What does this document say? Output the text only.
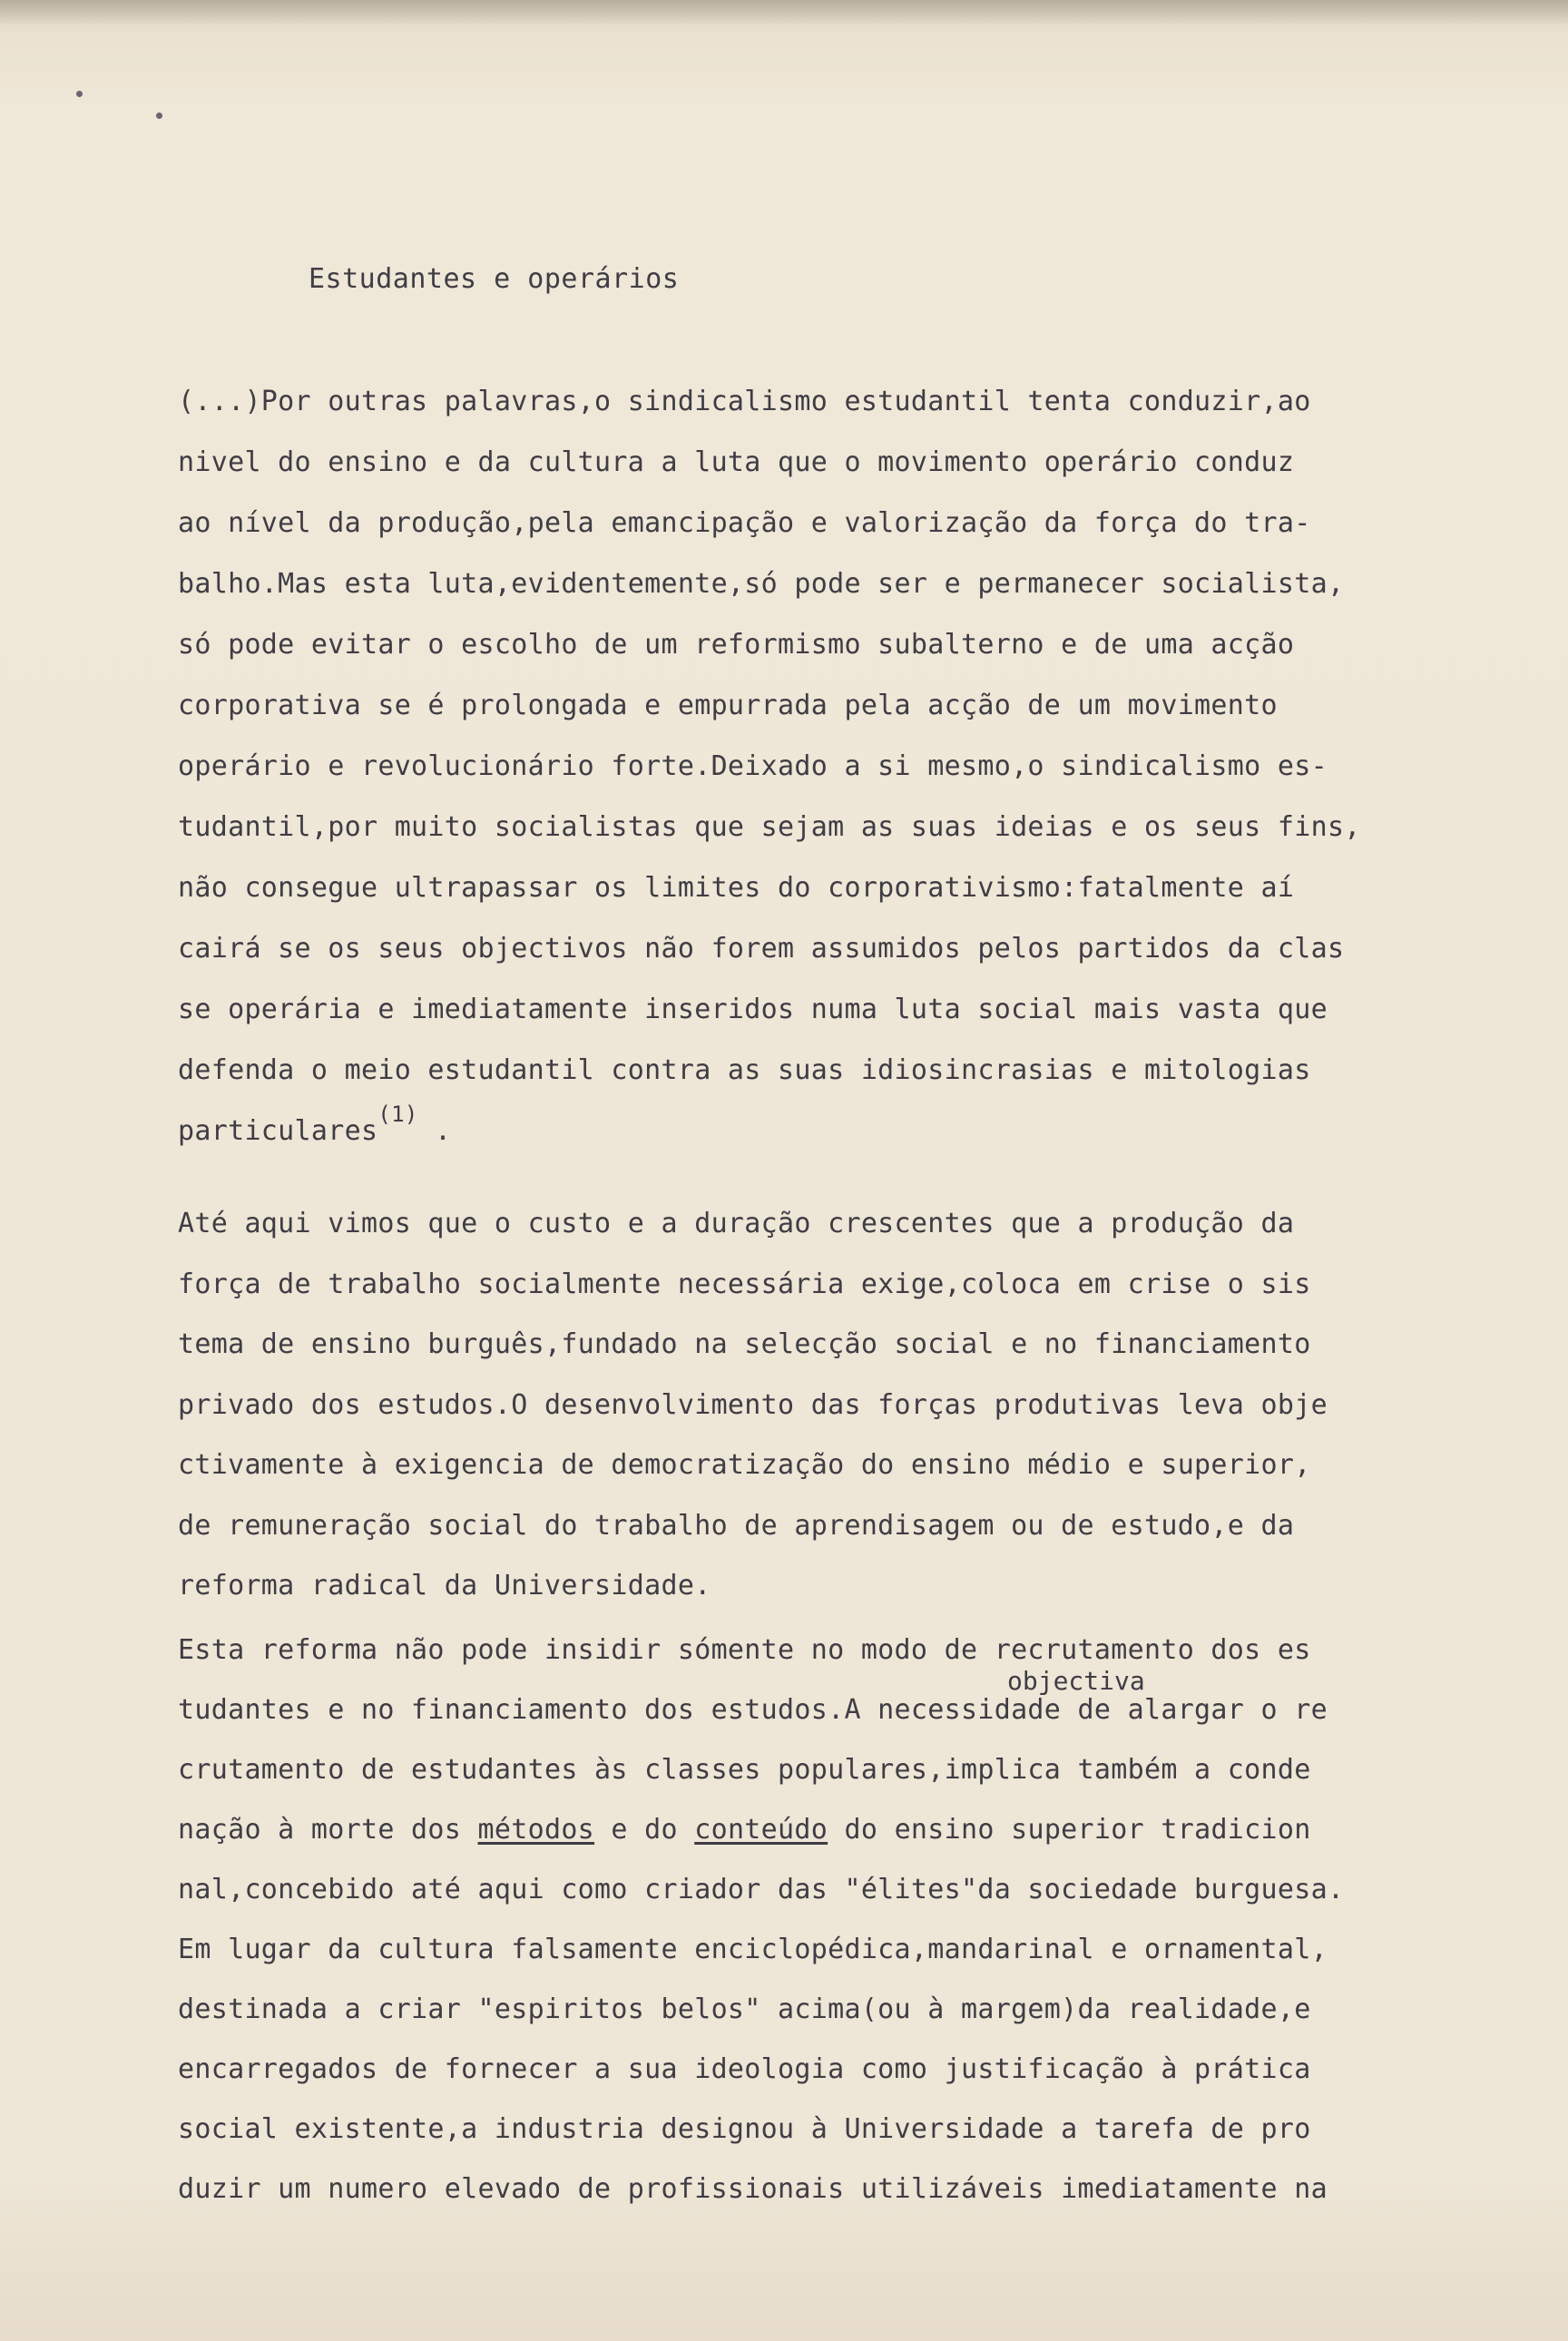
Estudantes e operários
(...)Por outras palavras,o sindicalismo estudantil tenta conduzir,ao
nivel do ensino e da cultura a luta que o movimento operário conduz
ao nível da produção,pela emancipação e valorização da força do tra-
balho.Mas esta luta,evidentemente,só pode ser e permanecer socialista,
só pode evitar o escolho de um reformismo subalterno e de uma acção
corporativa se é prolongada e empurrada pela acção de um movimento
operário e revolucionário forte.Deixado a si mesmo,o sindicalismo es-
tudantil,por muito socialistas que sejam as suas ideias e os seus fins,
não consegue ultrapassar os limites do corporativismo:fatalmente aí
cairá se os seus objectivos não forem assumidos pelos partidos da clas
se operária e imediatamente inseridos numa luta social mais vasta que
defenda o meio estudantil contra as suas idiosincrasias e mitologias
particulares$^{(1)}$ .
Até aqui vimos que o custo e a duração crescentes que a produção da
força de trabalho socialmente necessária exige,coloca em crise o sis
tema de ensino burguês,fundado na selecção social e no financiamento
privado dos estudos.O desenvolvimento das forças produtivas leva obje
ctivamente à exigencia de democratização do ensino médio e superior,
de remuneração social do trabalho de aprendisagem ou de estudo,e da
reforma radical da Universidade.
Esta reforma não pode insidir sómente no modo de recrutamento dos es
tudantes e no financiamento dos estudos.A necessidade de alargar o re
crutamento de estudantes às classes populares,implica também a conde
nação à morte dos métodos e do conteúdo do ensino superior tradicion
nal,concebido até aqui como criador das "élites"da sociedade burguesa.
Em lugar da cultura falsamente enciclopédica,mandarinal e ornamental,
destinada a criar "espiritos belos" acima(ou à margem)da realidade,e
encarregados de fornecer a sua ideologia como justificação à prática
social existente,a industria designou à Universidade a tarefa de pro
duzir um numero elevado de profissionais utilizáveis imediatamente na
objectiva
